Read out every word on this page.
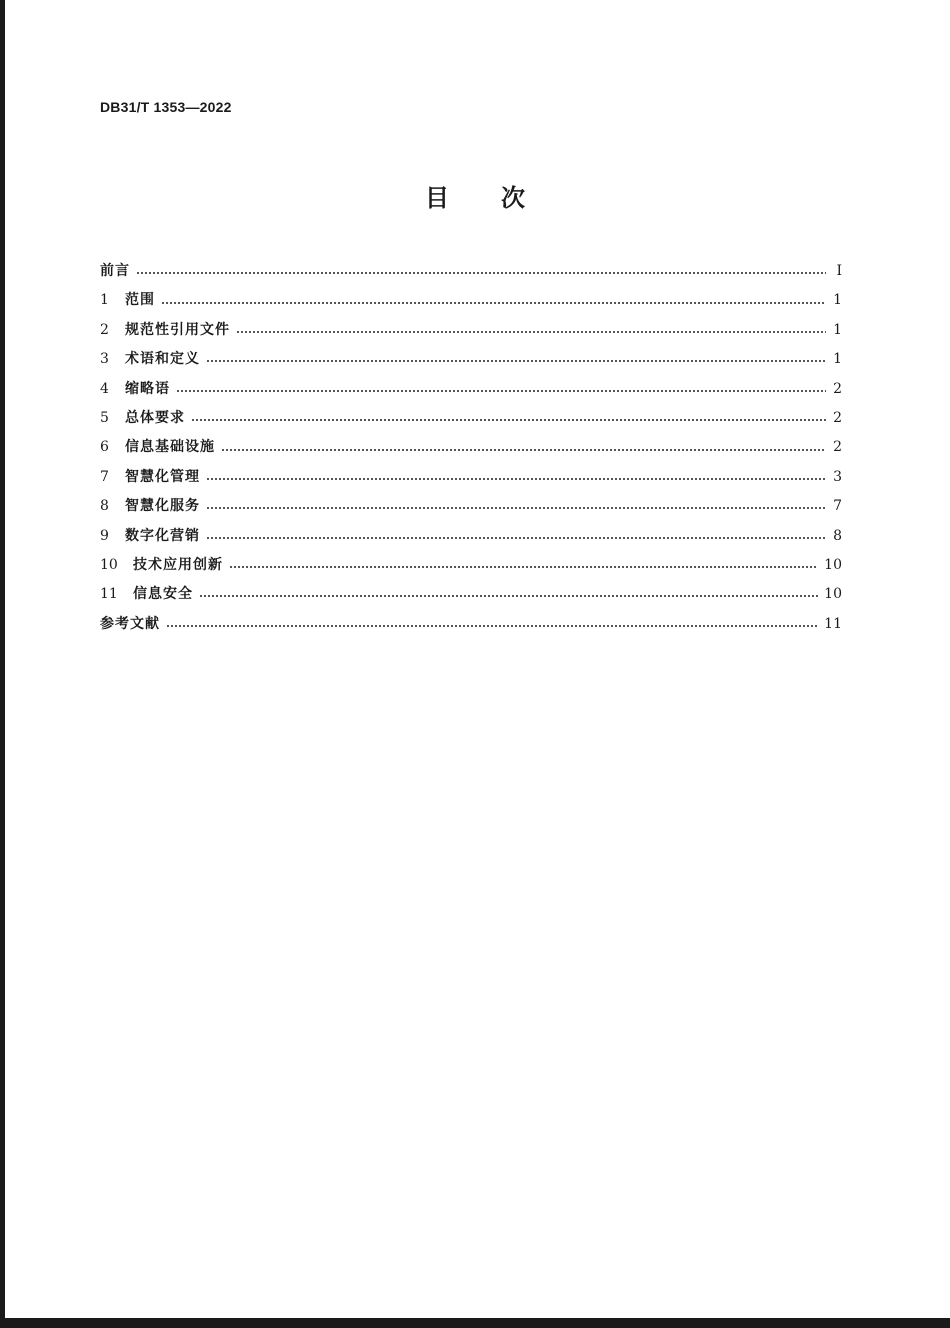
DB31/T 1353—2022
目次
前言	I
1	范围	1
2	规范性引用文件	1
3	术语和定义	1
4	缩略语	2
5	总体要求	2
6	信息基础设施	2
7	智慧化管理	3
8	智慧化服务	7
9	数字化营销	8
10	技术应用创新	10
11	信息安全	10
参考文献	11
